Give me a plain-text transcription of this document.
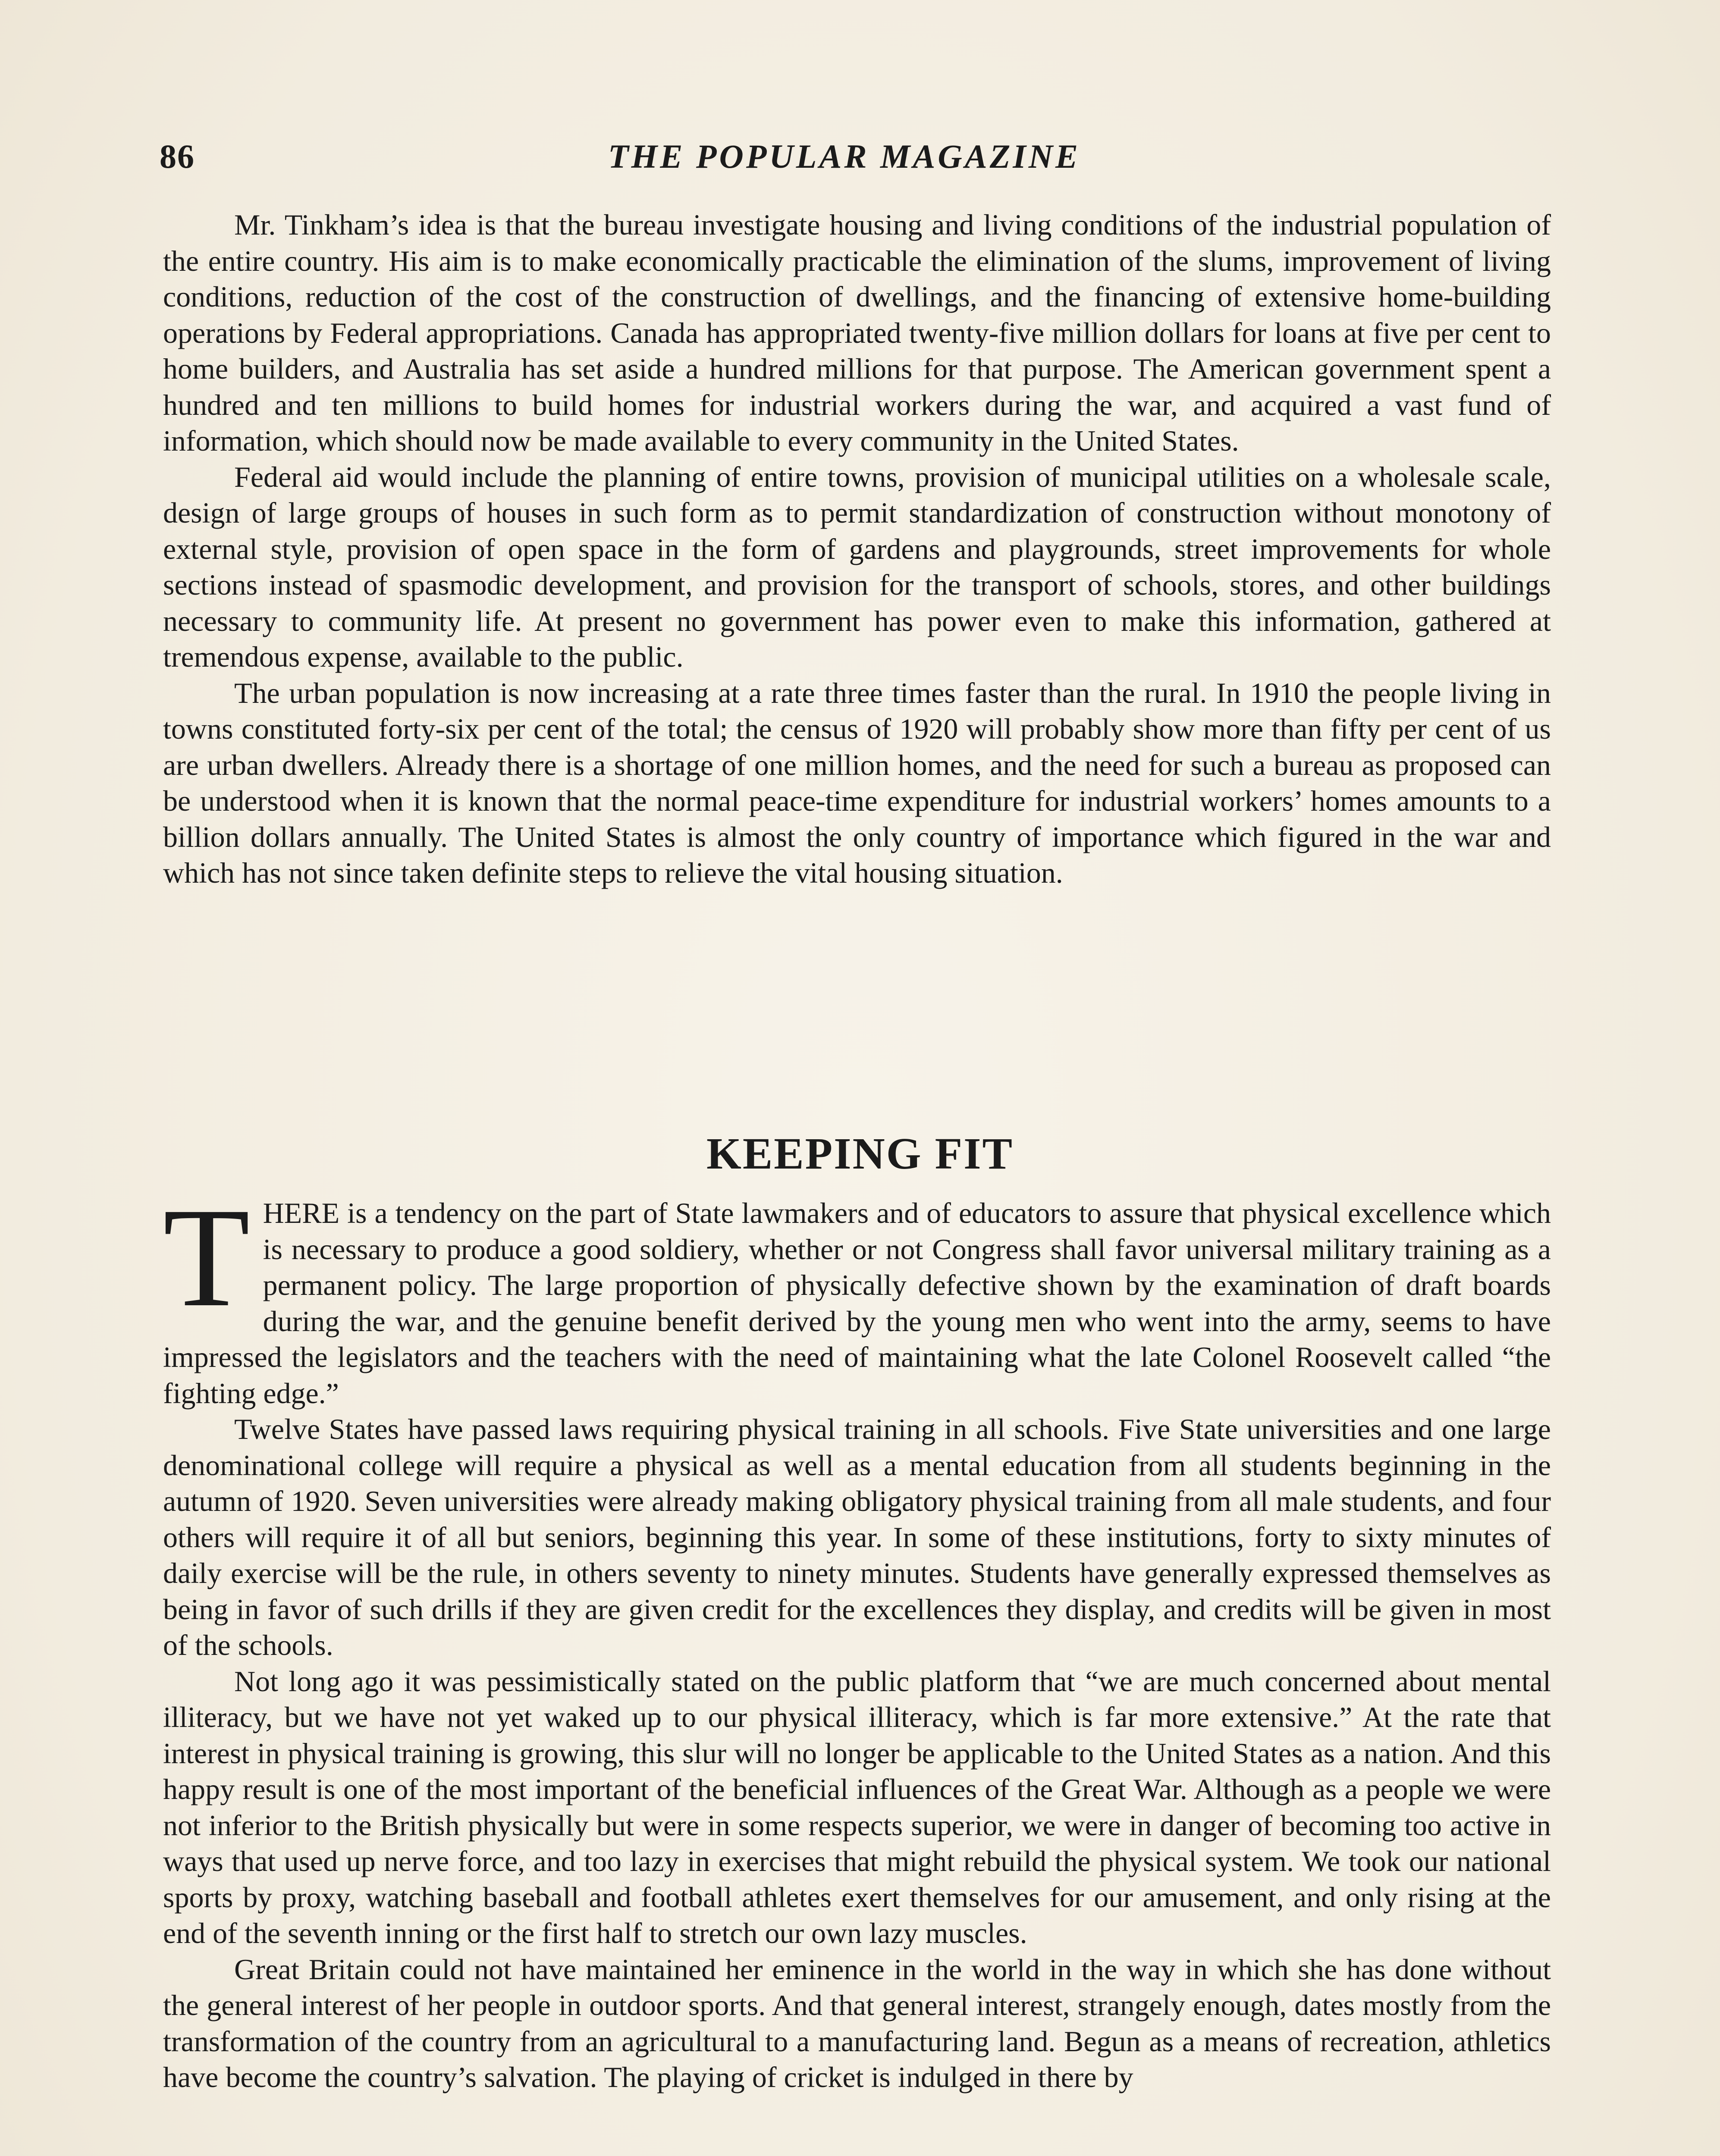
86	THE POPULAR MAGAZINE

Mr. Tinkham’s idea is that the bureau investigate housing and living conditions of the industrial population of the entire country. His aim is to make economically practicable the elimination of the slums, improvement of living conditions, reduction of the cost of the construction of dwellings, and the financing of extensive home-building operations by Federal appropriations. Canada has appropriated twenty-five million dollars for loans at five per cent to home builders, and Australia has set aside a hundred millions for that purpose. The American government spent a hundred and ten millions to build homes for industrial workers during the war, and acquired a vast fund of information, which should now be made available to every community in the United States.

Federal aid would include the planning of entire towns, provision of municipal utilities on a wholesale scale, design of large groups of houses in such form as to permit standardization of construction without monotony of external style, provision of open space in the form of gardens and playgrounds, street improvements for whole sections instead of spasmodic development, and provision for the transport of schools, stores, and other buildings necessary to community life. At present no government has power even to make this information, gathered at tremendous expense, available to the public.

The urban population is now increasing at a rate three times faster than the rural. In 1910 the people living in towns constituted forty-six per cent of the total; the census of 1920 will probably show more than fifty per cent of us are urban dwellers. Already there is a shortage of one million homes, and the need for such a bureau as proposed can be understood when it is known that the normal peace-time expenditure for industrial workers’ homes amounts to a billion dollars annually. The United States is almost the only country of importance which figured in the war and which has not since taken definite steps to relieve the vital housing situation.

KEEPING FIT

THERE is a tendency on the part of State lawmakers and of educators to assure that physical excellence which is necessary to produce a good soldiery, whether or not Congress shall favor universal military training as a permanent policy. The large proportion of physically defective shown by the examination of draft boards during the war, and the genuine benefit derived by the young men who went into the army, seems to have impressed the legislators and the teachers with the need of maintaining what the late Colonel Roosevelt called “the fighting edge.”

Twelve States have passed laws requiring physical training in all schools. Five State universities and one large denominational college will require a physical as well as a mental education from all students beginning in the autumn of 1920. Seven universities were already making obligatory physical training from all male students, and four others will require it of all but seniors, beginning this year. In some of these institutions, forty to sixty minutes of daily exercise will be the rule, in others seventy to ninety minutes. Students have generally expressed themselves as being in favor of such drills if they are given credit for the excellences they display, and credits will be given in most of the schools.

Not long ago it was pessimistically stated on the public platform that “we are much concerned about mental illiteracy, but we have not yet waked up to our physical illiteracy, which is far more extensive.” At the rate that interest in physical training is growing, this slur will no longer be applicable to the United States as a nation. And this happy result is one of the most important of the beneficial influences of the Great War. Although as a people we were not inferior to the British physically but were in some respects superior, we were in danger of becoming too active in ways that used up nerve force, and too lazy in exercises that might rebuild the physical system. We took our national sports by proxy, watching baseball and football athletes exert themselves for our amusement, and only rising at the end of the seventh inning or the first half to stretch our own lazy muscles.

Great Britain could not have maintained her eminence in the world in the way in which she has done without the general interest of her people in outdoor sports. And that general interest, strangely enough, dates mostly from the transformation of the country from an agricultural to a manufacturing land. Begun as a means of recreation, athletics have become the country’s salvation. The playing of cricket is indulged in there by
